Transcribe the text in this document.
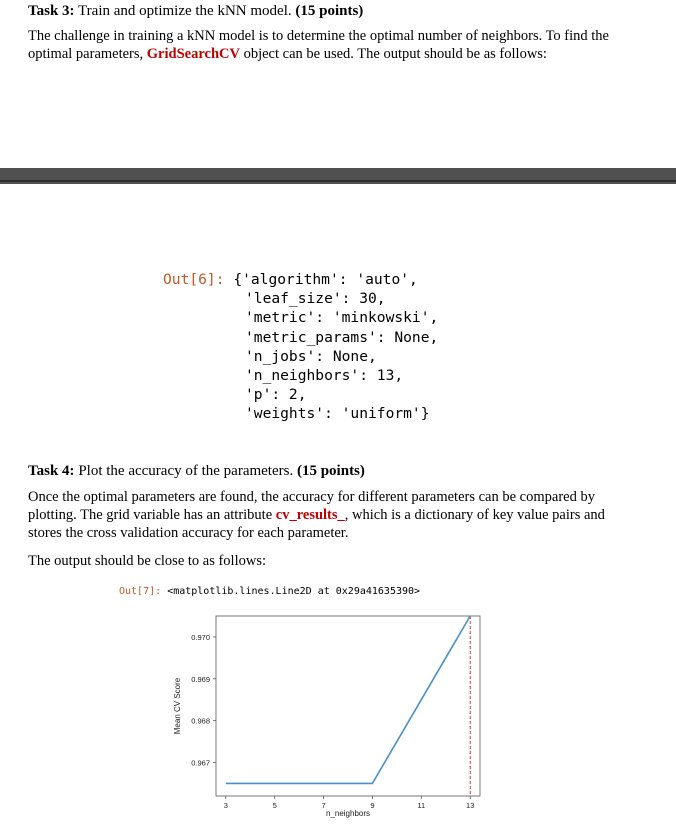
Task 3: Train and optimize the kNN model. (15 points)
The challenge in training a kNN model is to determine the optimal number of neighbors. To find the optimal parameters, GridSearchCV object can be used. The output should be as follows:
Out[6]: {'algorithm': 'auto',
'leaf_size': 30,
'metric': 'minkowski',
'metric_params': None,
'n_jobs': None,
'n_neighbors': 13,
'p': 2,
'weights': 'uniform'}
Task 4: Plot the accuracy of the parameters. (15 points)
Once the optimal parameters are found, the accuracy for different parameters can be compared by plotting. The grid variable has an attribute cv_results_, which is a dictionary of key value pairs and stores the cross validation accuracy for each parameter.
The output should be close to as follows:
Out[7]: <matplotlib.lines.Line2D at 0x29a41635390>
0.967
0.968
0.969
0.970
3	5	7	9	11	13
Mean CV Score
n_neighbors
